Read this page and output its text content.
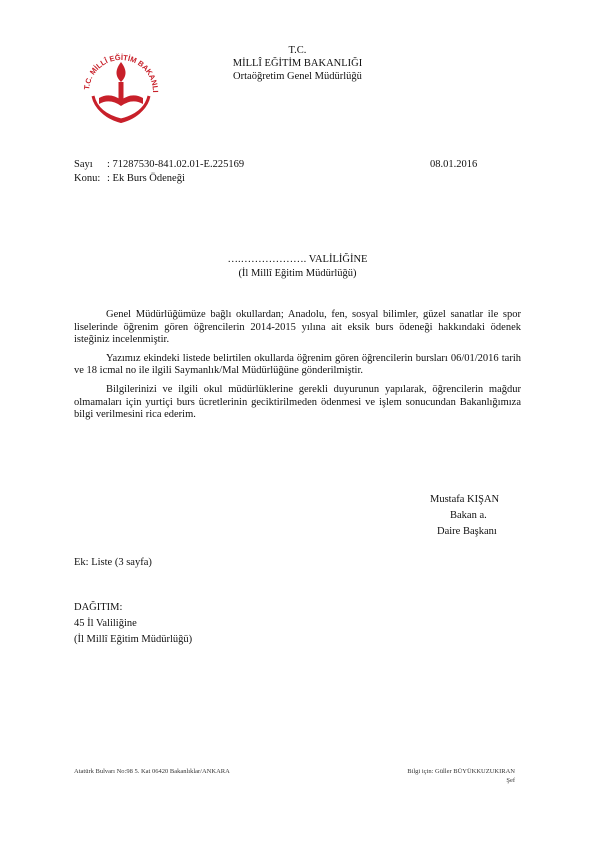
T.C. MİLLÎ EĞİTİM BAKANLI
T.C.
MİLLÎ EĞİTİM BAKANLIĞI
Ortaöğretim Genel Müdürlüğü
Sayı : 71287530-841.02.01-E.225169	08.01.2016
Konu: : Ek Burs Ödeneği
….………………. VALİLİĞİNE
(İl Millî Eğitim Müdürlüğü)

Genel Müdürlüğümüze bağlı okullardan; Anadolu, fen, sosyal bilimler, güzel sanatlar ile spor liselerinde öğrenim gören öğrencilerin 2014-2015 yılına ait eksik burs ödeneği hakkındaki ödenek isteğiniz incelenmiştir.

Yazımız ekindeki listede belirtilen okullarda öğrenim gören öğrencilerin bursları 06/01/2016 tarih ve 18 icmal no ile ilgili Saymanlık/Mal Müdürlüğüne gönderilmiştir.

Bilgilerinizi ve ilgili okul müdürlüklerine gerekli duyurunun yapılarak, öğrencilerin mağdur olmamaları için yurtiçi burs ücretlerinin geciktirilmeden ödenmesi ve işlem sonucundan Bakanlığımıza bilgi verilmesini rica ederim.

Mustafa KIŞAN
Bakan a.
Daire Başkanı
Ek: Liste (3 sayfa)
DAĞITIM:
45 İl Valiliğine
(İl Millî Eğitim Müdürlüğü)
Atatürk Bulvarı No:98 5. Kat 06420 Bakanlıklar/ANKARA	Bilgi için: Güller BÜYÜKKUZUKIRAN
Şef
